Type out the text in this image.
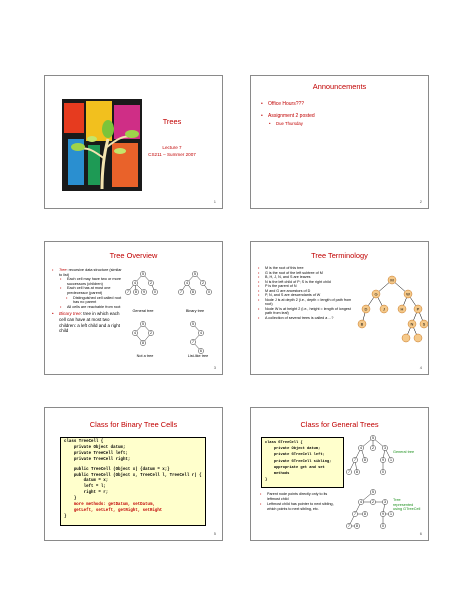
Trees
Lecture 7
CS211 – Summer 2007
1
Announcements
•	Office Hours???
•	Assignment 2 posted
•	Due Thursday
2
Tree Overview
•	Tree: recursive data structure (similar to list)
•	Each cell may have two or more successors (children)
•	Each cell has at most one predecessor (parent)
•	Distinguished cell called root has no parent
•	All cells are reachable from root
•	Binary tree: tree in which each cell can have at most two children: a left child and a right child
5
4	2
7 8 9	0
5
4	2
7	8	0
5
4	2
8
5
4
7
6
General tree	Binary tree
Not a tree	List-like tree
3
Tree Terminology
•	M is the root of this tree
•	G is the root of the left subtree of M
•	B, H, J, N, and S are leaves
•	N is the left child of P; S is the right child
•	P is the parent of N
•	M and G are ancestors of D
•	P, N, and S are descendants of W
•	Node J is at depth 2 (i.e., depth = length of path from root)
•	Node W is at height 2 (i.e., height = length of longest path from leaf)
•	A collection of several trees is called a ...?
M
G	W
D	J	H	P
B	N S
4
Class for Binary Tree Cells
class TreeCell {
private Object datum;
private TreeCell left;
private TreeCell right;
public TreeCell (Object x) {datum = x;}
public TreeCell (Object x, TreeCell l, TreeCell r) {
datum = x;
left = l;
right = r;
}
more methods: getDatum, setDatum,
getLeft, setLeft, getRight, setRight
}
5
Class for General Trees
class GTreeCell {
private Object datum;
private GTreeCell left;
private GTreeCell sibling;
appropriate get and set
methods
}
•	Parent node points directly only to its leftmost child
•	Leftmost child has pointer to next sibling, which points to next sibling, etc.
5
4	2	3
7 8	9 1
7 8	0
5
4	2	3
7 8	9 1
7 8	0
General tree
Tree represented using GTreeCell
6
